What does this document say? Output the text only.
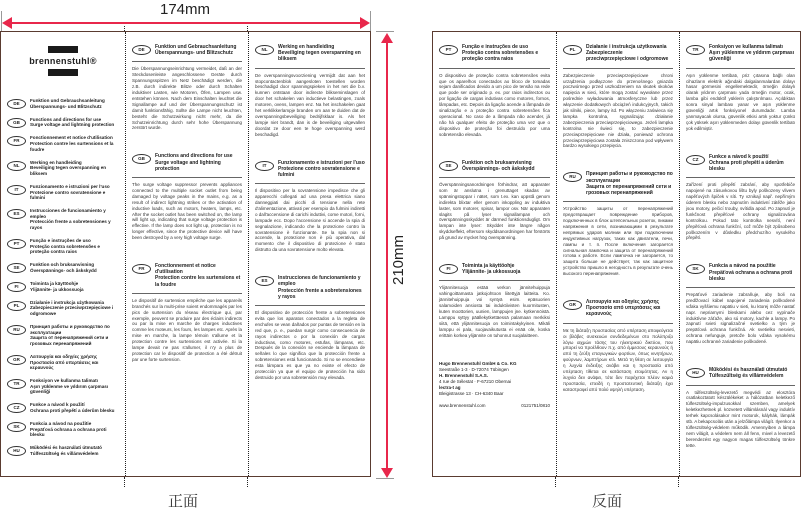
174mm
210mm
正面	反面
brennenstuhl®
DE
Funktion und Gebrauchsanleitung
Überspannungs- und Blitzschutz
GB
Functions and directions for use
Surge voltage and lightning protection
FR
Fonctionnement et notice d'utilisation
Protection contre les surtensions et la foudre
NL
Werking en handleiding
Beveiliging tegen overspanning en bliksem
IT
Funzionamento e istruzioni per l'uso
Protezione contro sovratensione e fulmini
ES
Instrucciones de funcionamiento y empleo
Protección frente a sobretensiones y rayos
PT
Função e instruções de uso
Proteção contra sobretensões e proteção contra raios
SE
Funktion och bruksanvisning
Överspännings- och åskskydd
FI
Toiminta ja käyttöohje
Ylijännite- ja ukkossuoja
PL
Działanie i instrukcja użytkowania
Zabezpieczenie przeciwprzepięciowe i odgromowe
RU
Принцип работы и руководство по эксплуатации
Защита от перенапряжений сети и грозовых перенапряжений
GR
Λειτουργία και οδηγίες χρήσης
Προστασία από υπερτάσεις και κεραυνούς
TR
Fonksiyon ve kullanma talimatı
Aşırı yüklenme ve yıldırım çarpması güvenliği
CZ
Funkce a návod k použití
Ochrana proti přepětí a úderům blesku
SK
Funkcia a návod na použitie
Prepäťová ochrana a ochrana proti blesku
HU
Működési és használati útmutató
Túlfeszültség és villámvédelem
DE	Funktion und Gebrauchsanleitung
Überspannungs- und Blitzschutz
Die Überspannungseinrichtung vermeidet, daß an der Steckdosenleiste angeschlossene Geräte durch Spannungsspitzen im Netz beschädigt werden, die z.B. durch indirekte Blitze oder durch Schalten induktiver Lasten, wie Motoren, Öfen, Lampen usw. entstehen können. Nach dem Einschalten leuchtet die Signallampe auf und der Überspannungsschutz ist damit funktionsfähig. Sollte die Lampe nicht leuchten, besteht die Schutzwirkung nicht mehr, da die Schutzeinrichtung durch sehr hohe Überspannung zerstört wurde.
GB	Functions and directions for use
Surge voltage and lightning protection
The surge voltage suppressor prevents appliances connected to the multiple socket outlet from being damaged by voltage peaks in the mains, e.g. as a result of indirect lightning strikes or the activation of inductive loads, such as motors, heaters, lamps, etc. After the socket outlet has been switched on, the lamp will light up, indicating that surge voltage protection is effective. If the lamp does not light up, protection is no longer effective, since the protective device will have been destroyed by a very high voltage surge.
FR	Fonctionnement et notice d'utilisation
Protection contre les surtensions et la foudre
Le dispositif de surtension empêche que les appareils branchés sur la multi-prise soient endommagés par les pics de surtension du réseau électrique qui, par exemple, peuvent se produire par des éclairs indirects ou par la mise en marche de charges inductives comme les moteurs, les fours, les lampes etc. Après la mise en marche, la lampe témoin s'allume et la protection contre les surtensions est activée. Si la lampe devait ne pas s'allumer, il n'y a plus de protection car le dispositif de protection a été détruit par une forte surtension.
NL	Werking en handleiding
Beveiliging tegen overspanning en bliksem
De overspanningsvoorziening vermijdt dat aan het stopcontactenblok aangesloten toestellen worden beschadigd door spanningspieken in het net die b.v. kunnen ontstaan door indirecte blikseminslagen of door het schakelen van inductieve belastingen, zoals motoren, ovens, lampen enz. Na het inschakelen gaat het verklikkerlampje branden om aan te duiden dat de overspanningsbeveiliging bedrijfsklaar is. Als het lampje niet brandt, dan is de beveiliging uitgevallen doordat ze door een te hoge overspanning werd beschadigd.
IT	Funzionamento e istruzioni per l'uso
Protezione contro sovratensione e fulmini
Il dispositivo per la sovratensione impedisce che gli apparecchi collegati ad una presa elettrica siano danneggiati dai picchi di tensione nella rete d'alimentazione, attivati per esempio da fulmini indiretti o dall'accensione di carichi induttivi, come motori, forni, lampade ecc. Dopo l'accensione si accende la spia di segnalazione, indicando che la protezione contro la sovratensione è funzionante. Se la spia non si accende, la protezione non è più operativa, dal momento che il dispositivo di protezione è stato distrutto da una sovratensione molto elevata.
ES	Instrucciones de funcionamiento y empleo
Protección frente a sobretensiones y rayos
El dispositivo de protección frente a sobretensiones evita que los aparatos conectados a la regleta de enchufes se vean dañados por puntas de tensión en la red que, p. e., puedan surgir como consecuencia de rayos indirectos o por la conexión de cargas inductivas, como motores, estufas, lámparas, etc. Después de la conexión se enciende la lámpara de señales lo que significa que la protección frente a sobretensiones está funcionando. Si no se encendiese esta lámpara es que ya no existe el efecto de protección ya que el equipo de protección ha sido destruido por una sobretensión muy elevada.
PT	Função e instruções de uso
Proteção contra sobretensões e proteção contra raios
O dispositivo de proteção contra sobretensões evita que os aparelhos conectados ao bloco de tomadas sejam danificados devido a um pico de tensão na rede que pode ser originado p. ex. por raios indirectos ou por ligação de cargas indutivas como motores, fornos, lâmpadas, etc. Depois da ligação acende a lâmpada de sinalização e a proteção contra sobretensões fica operacional. No caso de a lâmpada não acender, já não há qualquer efeito de proteção uma vez que o dispositivo de proteção foi destruído por uma sobretensão elevada.
SE	Funktion och bruksanvisning
Överspännings- och åskskydd
Överspänningsanordningen förhindrar, att apparater som är anslutna i grenuttaget skadas av spänningstoppar i nätet, som t.ex. kan uppstå genom indirekta blixtar eller genom inkoppling av induktiva laster, som motorer, spisar, lampor osv. När apparaten slagits på lyser signallampan och överspänningsskyddet är därmed funktionsdugligt. Om lampan inte lyser: Skyddet inte längre någon skyddseffekt, eftersom skyddsanordningen har förstörts på grund av mycket hög överspänning.
FI	Toiminta ja käyttöohje
Ylijännite- ja ukkossuoja
Ylijännitesuoja estää verkon jännitehuippuja vahingoittamasta jatkojohtoon liitettyjä laitteita. Ko. jännitehuippuja voi syntyä esim. epäsuorien salamoiden ansiosta tai induktiivisten kuormitusten, kuten moottorien, uunien, lamppujen jne. kytkennöistä. Lamppu syttyy päällekytkettäessä palamaan merkiksi siitä, että ylijännitesuoja on toimintakykyinen. Mikäli lamppu ei pala, suojavaikutusta ei enää ole, koska erittäin korkea ylijännite on tuhonnut suojalaitteen.
Hugo Brennenstuhl GmbH & Co. KG
Seestraße 1-3 · D-72074 Tübingen
H. Brennenstuhl S.A.S.
4 rue de Sélestat · F-67210 Obernai
lectra-t ag
Bleigistrasse 13 · CH-6340 Baar
www.brennenstuhl.com	0121751/0810
PL	Działanie i instrukcja użytkowania
Zabezpieczenie przeciwprzepięciowe i odgromowe
Zabezpieczenie przeciwprzepięciowe chroni urządzenia podłączone do przenośnego gniazda poczwórnego przed uszkodzeniem na skutek skoków napięcia w sieci, które mogą zostać wywołane przez pośrednie wyładowania atmosferyczne lub przez włączenie dodatkowych obciążeń indukcyjnych, takich jak silniki, piece, lampy itd. Po włączeniu zaświeca się lampka kontrolna, sygnalizując działanie zabezpieczenia przeciwprzepięciowego. Jeżeli lampka kontrolna nie świeci się, to zabezpieczenie przeciwprzepięciowe nie działa, ponieważ ochrona przeciwprzepięciowa została zniszczona pod wpływem bardzo wysokiego przepięcia.
RU	Принцип работы и руководство по эксплуатации
Защита от перенапряжений сети и грозовых перенапряжений
Устройство защиты от перенапряжений предотвращает повреждение приборов, подключенных в блок штепсельных розеток, пиками напряжения в сети, возникающими в результате непрямых ударов молнии или при подключении индуктивных нагрузок, таких как двигатели, печи, лампы и т. п. После включения загорается сигнальная лампочка и защита от перенапряжений готова к работе. Если лампочка не загорается, то защита больше не действует, так как защитное устройство пришло в негодность в результате очень высокого перенапряжения.
GR	Λειτουργία και οδηγίες χρήσης
Προστασία από υπερτάσεις και κεραυνούς
Με τη διάταξη προστασίας από υπέρταση αποφεύγεται οι βλάβες συσκευών συνδεδεμένων στο πολύπριζο λόγω αιχμών τάσης του ηλεκτρικού δικτύου, που μπορεί να προέλθουν π.χ. από έμμεσους κεραυνούς ή από τη ζεύξη επαγωγικών φορτίων, όπως κινητήρων, φούρνων, λαμπτήρων κτλ. Μετά τη θέση σε λειτουργία η λυχνία ένδειξης ανάβει και η προστασία από υπέρταση τίθεται σε κατάσταση ετοιμότητας. Αν η λυχνία δεν ανάψει, τότε δεν παρέχεται πλέον καμιά προστασία, επειδή η προστατευτική διάταξη έχει καταστραφεί από πολύ υψηλή υπέρταση.
TR	Fonksiyon ve kullanma talimatı
Aşırı yüklenme ve yıldırım çarpması güvenliği
Aşırı yüklenme tertibatı, priz çıtasına bağlı olan cihazların elektrik ağındaki dalgalanmalardan dolayı hasar görmesini engellemektedir, örneğin dolaylı olarak yıldırım çarpması yada örneğin motor, ocak, lamba gibi endüktif yüklerin çalıştırılması. Açıldıktan sonra sinyal lambası yanar ve aşırı yüklenme güvenliği artık fonksiyonel durumdadır. Lamba yanmayacak olursa, güvenlik etkisi artık yoktur çünkü çok yüksek aşırı yüklenmeden dolayı güvenlik tertibatı yok edilmiştir.
CZ	Funkce a návod k použití
Ochrana proti přepětí a úderům blesku
Zařízení proti přepětí zabrání, aby spotřebiče napojené na zásuvkovou lištu byly poškozeny vlivem napěťových špiček v síti. Ty vznikají např. nepřímým úderem blesku nebo zapnutím induktivní zátěže jako jsou motory, pečicí trouby, svítidla apod. Po zapnutí je funkčnost přepěťové ochrany signalizována kontrolkou. Pokud tato kontrolka nesvítí, není přepěťová ochrana funkční, což může být způsobeno poškozením v důsledku předchozího vysokého přepětí.
SK	Funkcia a návod na použitie
Prepäťová ochrana a ochrana proti blesku
Prepäťové zariadenie zabraňuje, aby boli na predlžovací kábel napojené zariadenia poškodené vďaka vyššiemu napätiu v sieti, ku ktorej môže nastať napr. nepriamymi bleskami alebo cez vypínače induktívne záťaže, ako sú motory, kachle a lampy. Po zapnutí svieti signalizačné svetielko a tým je prepäťová ochrana funkčná. Ak svetielko nesvieti, ochrana nefunguje, pretože bolo vďaka vysokému napätiu ochranné zariadenie poškodené.
HU	Működési és használati útmutató
Túlfeszültség és villámvédelem
A túlfeszültség-levezető megvédi az elosztóra csatlakoztatott készülékeket a hálózatban keletkező túlfeszültség-impulzusokkal szemben, amelyek keletkezhetnek pl. közvetett villámlásnál vagy induktív terhek kapcsolásakor mint motorok, kályhák, lámpák stb. A bekapcsolás után a jelzőlámpa világít. Ilyenkor a túlfeszültség-védelem működik. Amennyiben a lámpa nem világít, a védelem nem áll fenn, mivel a levezető berendezést egy nagyon magas túlfeszültség tönkre tette.
